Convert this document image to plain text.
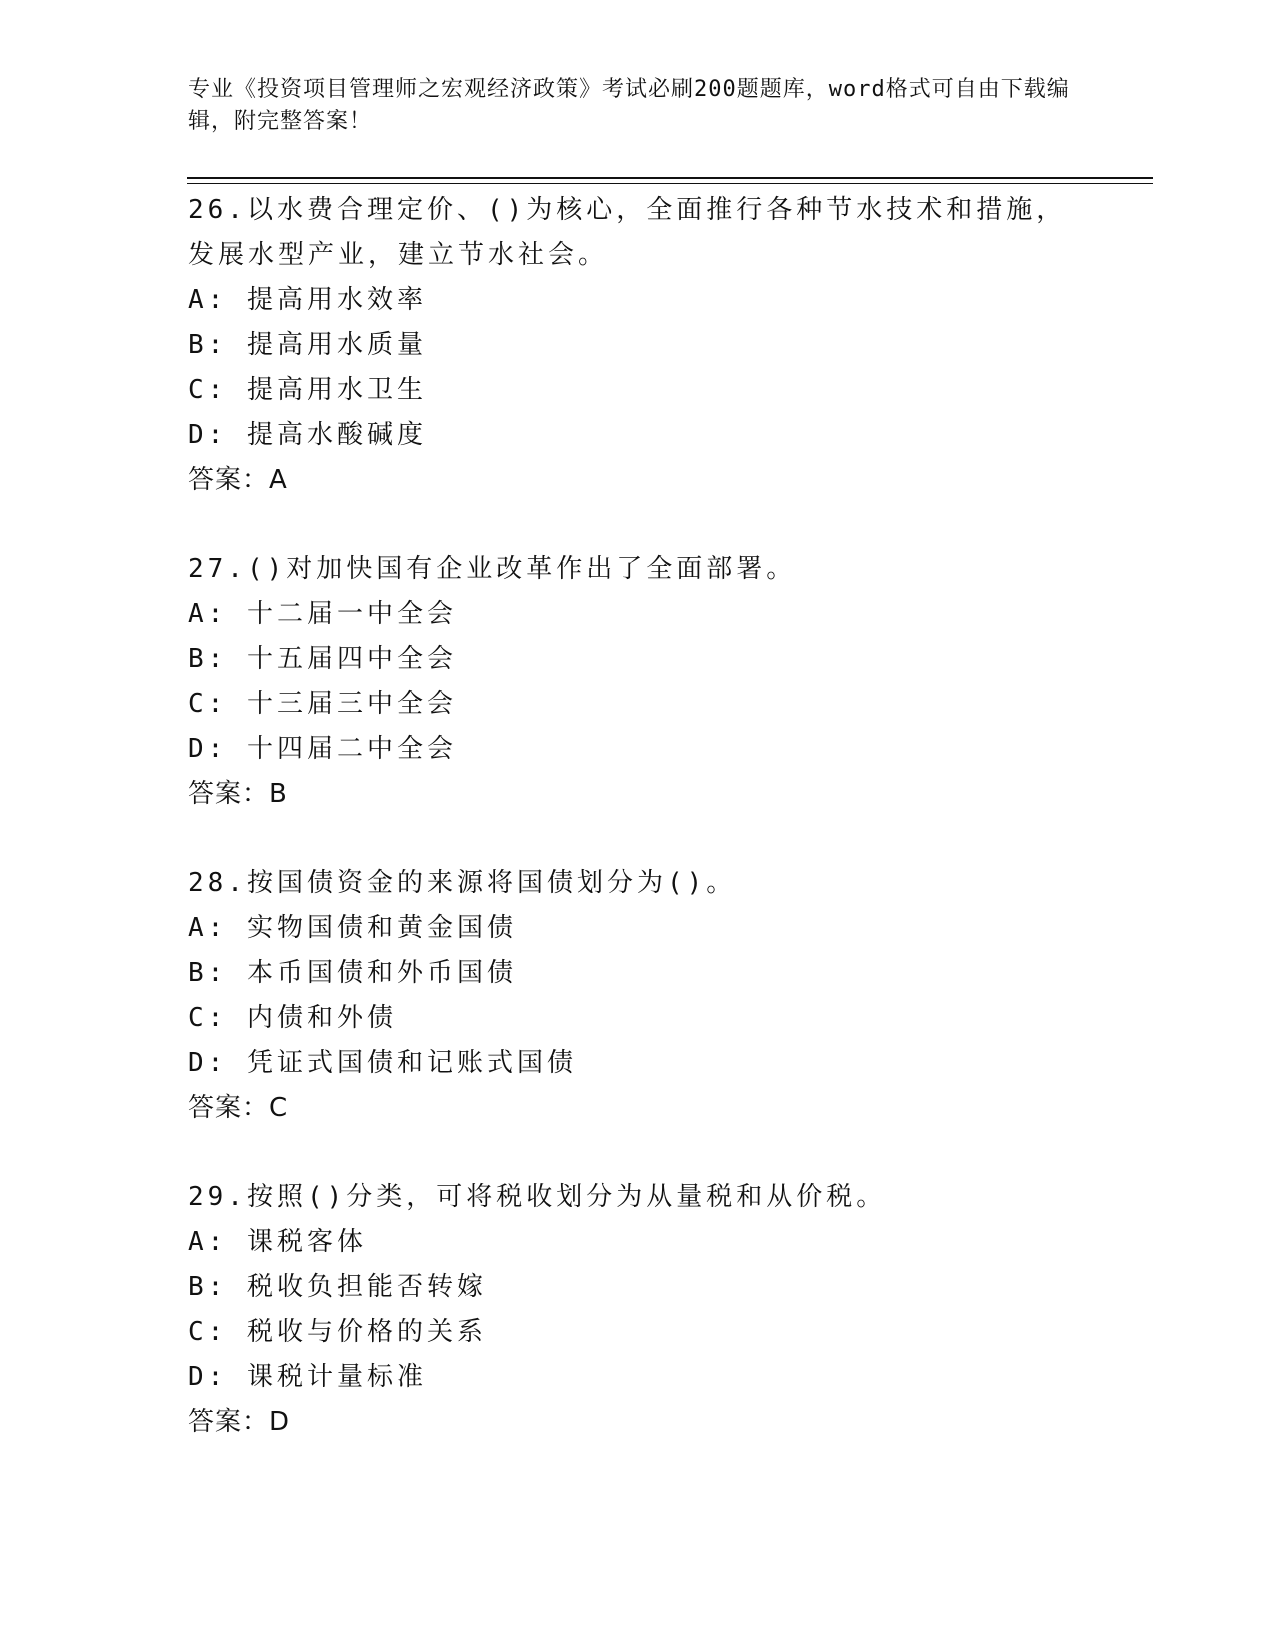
专业《投资项目管理师之宏观经济政策》考试必刷200题题库，word格式可自由下载编辑，附完整答案！

26.以水费合理定价、()为核心，全面推行各种节水技术和措施，发展水型产业，建立节水社会。

A: 提高用水效率

B: 提高用水质量

C: 提高用水卫生

D: 提高水酸碱度

答案：A

27.()对加快国有企业改革作出了全面部署。

A: 十二届一中全会

B: 十五届四中全会

C: 十三届三中全会

D: 十四届二中全会

答案：B

28.按国债资金的来源将国债划分为()。

A: 实物国债和黄金国债

B: 本币国债和外币国债

C: 内债和外债

D: 凭证式国债和记账式国债

答案：C

29.按照()分类，可将税收划分为从量税和从价税。

A: 课税客体

B: 税收负担能否转嫁

C: 税收与价格的关系

D: 课税计量标准

答案：D
